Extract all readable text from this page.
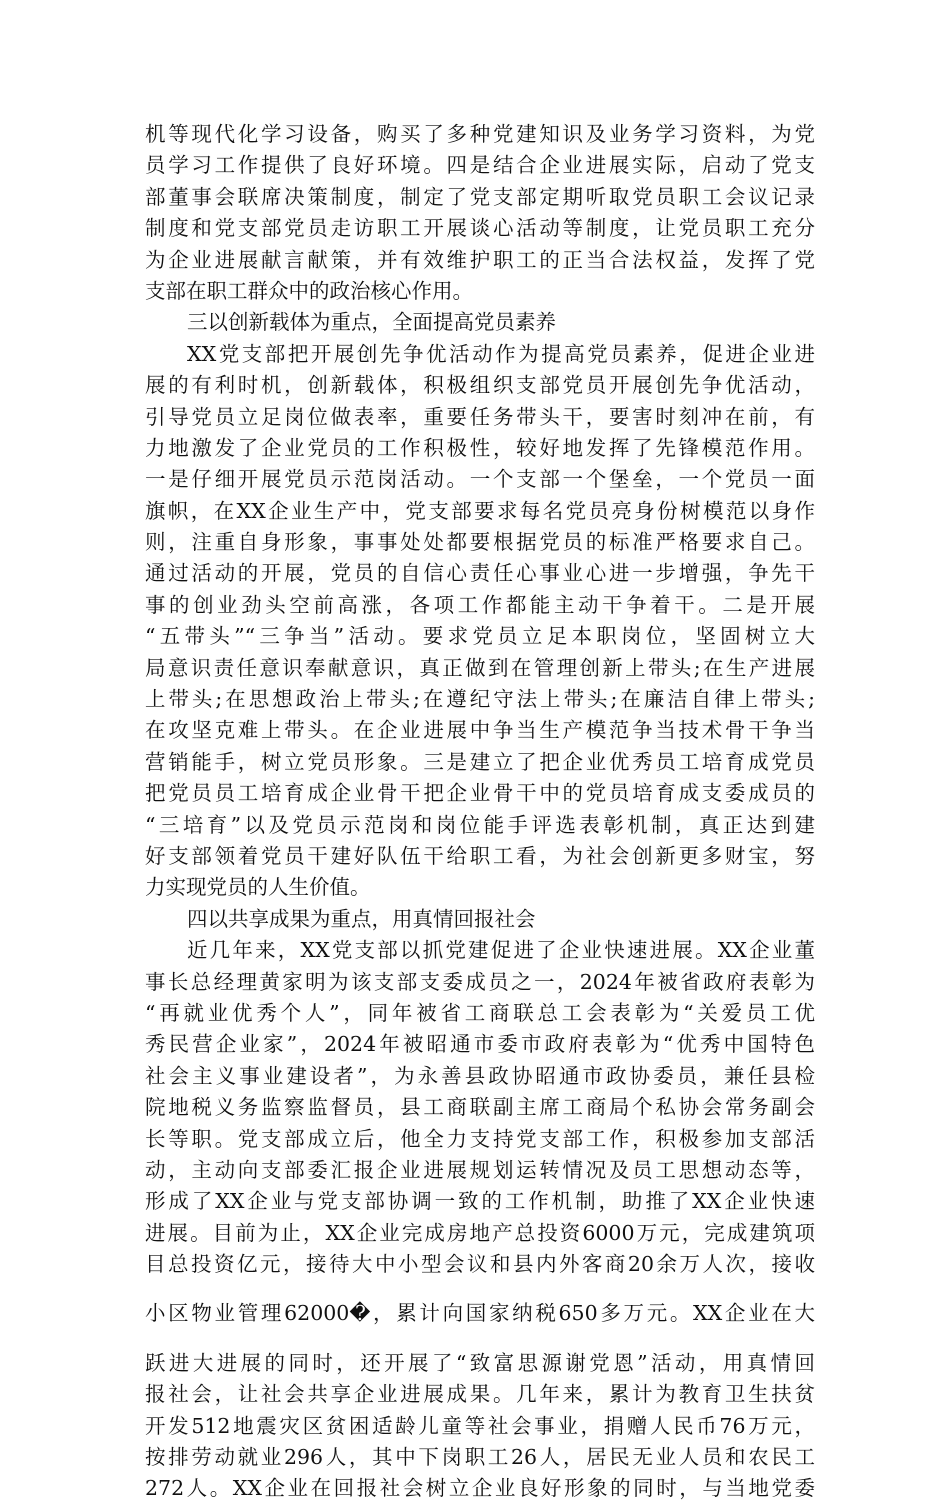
机等现代化学习设备，购买了多种党建知识及业务学习资料，为党
员学习工作提供了良好环境。四是结合企业进展实际，启动了党支
部董事会联席决策制度，制定了党支部定期听取党员职工会议记录
制度和党支部党员走访职工开展谈心活动等制度，让党员职工充分
为企业进展献言献策，并有效维护职工的正当合法权益，发挥了党
支部在职工群众中的政治核心作用。
三以创新载体为重点，全面提高党员素养
XX党支部把开展创先争优活动作为提高党员素养，促进企业进
展的有利时机，创新载体，积极组织支部党员开展创先争优活动，
引导党员立足岗位做表率，重要任务带头干，要害时刻冲在前，有
力地激发了企业党员的工作积极性，较好地发挥了先锋模范作用。
一是仔细开展党员示范岗活动。一个支部一个堡垒，一个党员一面
旗帜，在XX企业生产中，党支部要求每名党员亮身份树模范以身作
则，注重自身形象，事事处处都要根据党员的标准严格要求自己。
通过活动的开展，党员的自信心责任心事业心进一步增强，争先干
事的创业劲头空前高涨，各项工作都能主动干争着干。二是开展
“五带头”“三争当”活动。要求党员立足本职岗位，坚固树立大
局意识责任意识奉献意识，真正做到在管理创新上带头;在生产进展
上带头;在思想政治上带头;在遵纪守法上带头;在廉洁自律上带头;
在攻坚克难上带头。在企业进展中争当生产模范争当技术骨干争当
营销能手，树立党员形象。三是建立了把企业优秀员工培育成党员
把党员员工培育成企业骨干把企业骨干中的党员培育成支委成员的
“三培育”以及党员示范岗和岗位能手评选表彰机制，真正达到建
好支部领着党员干建好队伍干给职工看，为社会创新更多财宝，努
力实现党员的人生价值。
四以共享成果为重点，用真情回报社会
近几年来，XX党支部以抓党建促进了企业快速进展。XX企业董
事长总经理黄家明为该支部支委成员之一，2024年被省政府表彰为
“再就业优秀个人”，同年被省工商联总工会表彰为“关爱员工优
秀民营企业家”，2024年被昭通市委市政府表彰为“优秀中国特色
社会主义事业建设者”，为永善县政协昭通市政协委员，兼任县检
院地税义务监察监督员，县工商联副主席工商局个私协会常务副会
长等职。党支部成立后，他全力支持党支部工作，积极参加支部活
动，主动向支部委汇报企业进展规划运转情况及员工思想动态等，
形成了XX企业与党支部协调一致的工作机制，助推了XX企业快速
进展。目前为止，XX企业完成房地产总投资6000万元，完成建筑项
目总投资亿元，接待大中小型会议和县内外客商20余万人次，接收
小区物业管理62000�，累计向国家纳税650多万元。XX企业在大
跃进大进展的同时，还开展了“致富思源谢党恩”活动，用真情回
报社会，让社会共享企业进展成果。几年来，累计为教育卫生扶贫
开发512地震灾区贫困适龄儿童等社会事业，捐赠人民币76万元，
按排劳动就业296人，其中下岗职工26人，居民无业人员和农民工
272人。XX企业在回报社会树立企业良好形象的同时，与当地党委
